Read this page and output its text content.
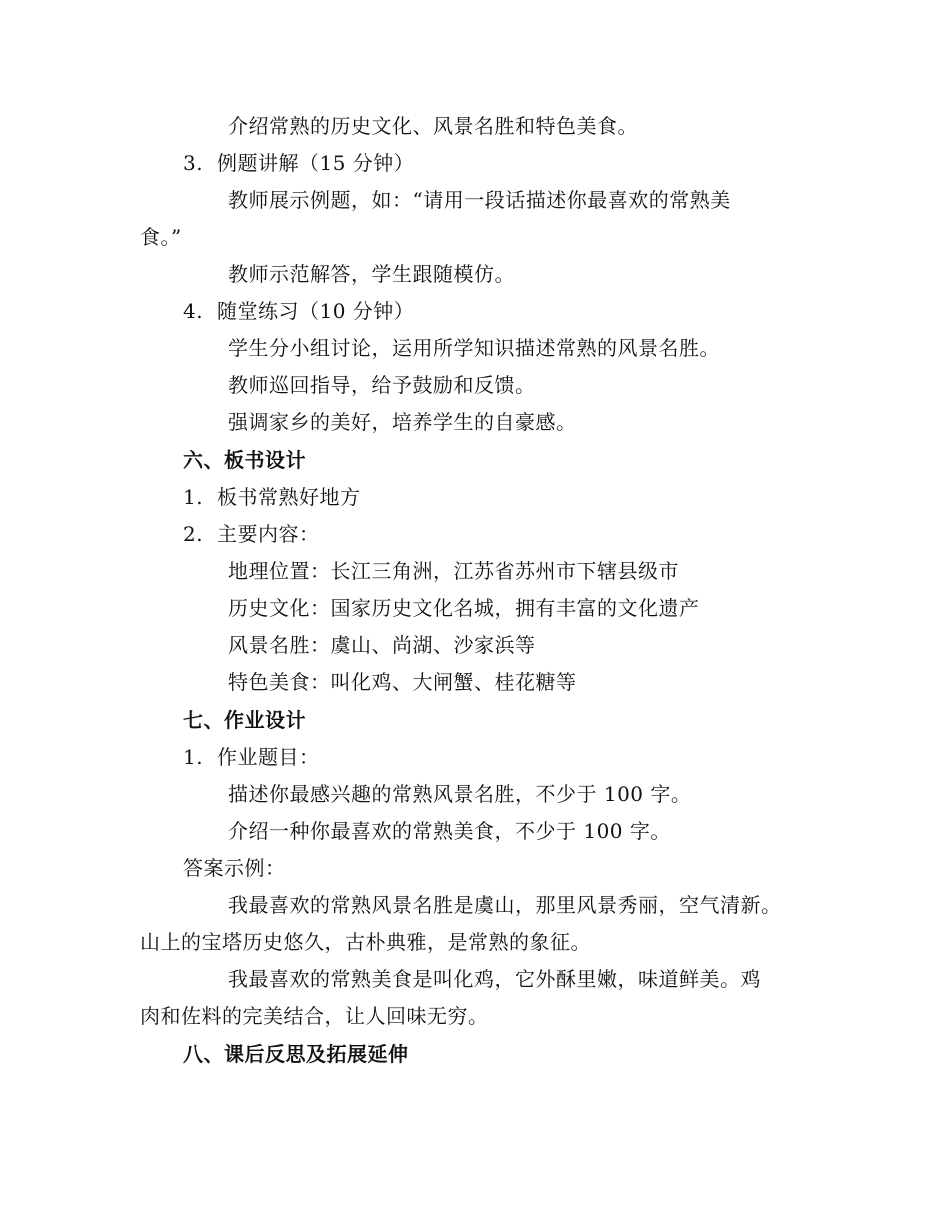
介绍常熟的历史文化、风景名胜和特色美食。
3. 例题讲解（15 分钟）
教师展示例题，如：“请用一段话描述你最喜欢的常熟美
食。”
教师示范解答，学生跟随模仿。
4. 随堂练习（10 分钟）
学生分小组讨论，运用所学知识描述常熟的风景名胜。
教师巡回指导，给予鼓励和反馈。
强调家乡的美好，培养学生的自豪感。
六、板书设计
1. 板书常熟好地方
2. 主要内容：
地理位置：长江三角洲，江苏省苏州市下辖县级市
历史文化：国家历史文化名城，拥有丰富的文化遗产
风景名胜：虞山、尚湖、沙家浜等
特色美食：叫化鸡、大闸蟹、桂花糖等
七、作业设计
1. 作业题目：
描述你最感兴趣的常熟风景名胜，不少于 100 字。
介绍一种你最喜欢的常熟美食，不少于 100 字。
答案示例：
我最喜欢的常熟风景名胜是虞山，那里风景秀丽，空气清新。
山上的宝塔历史悠久，古朴典雅，是常熟的象征。
我最喜欢的常熟美食是叫化鸡，它外酥里嫩，味道鲜美。鸡
肉和佐料的完美结合，让人回味无穷。
八、课后反思及拓展延伸
